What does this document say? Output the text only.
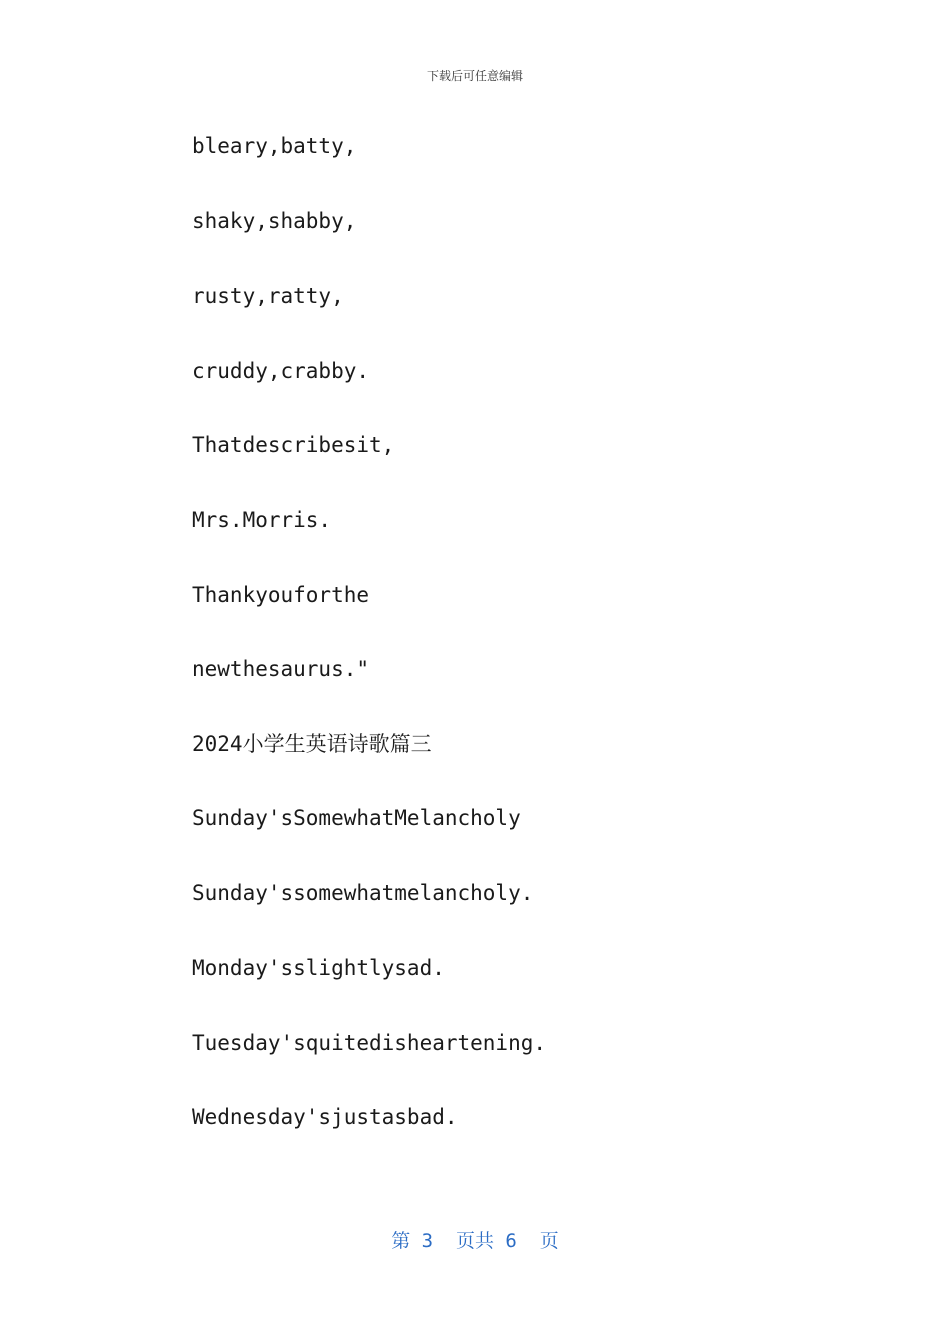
下载后可任意编辑
bleary,batty,
shaky,shabby,
rusty,ratty,
cruddy,crabby.
Thatdescribesit,
Mrs.Morris.
Thankyouforthe
newthesaurus."
2024小学生英语诗歌篇三
Sunday'sSomewhatMelancholy
Sunday'ssomewhatmelancholy.
Monday'sslightlysad.
Tuesday'squitedisheartening.
Wednesday'sjustasbad.
第 3  页共 6  页
